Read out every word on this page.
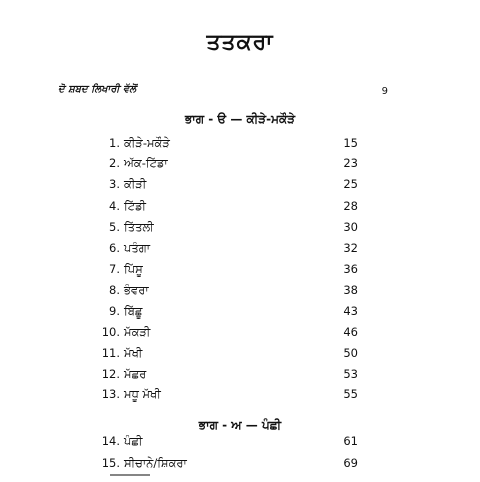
ਤਤਕਰਾ
ਦੋ ਸ਼ਬਦ ਲਿਖਾਰੀ ਵੱਲੋਂ	9
ਭਾਗ - ੳ — ਕੀੜੇ-ਮਕੌੜੇ
1. ਕੀੜੇ-ਮਕੌੜੇ	15
2. ਅੱਕ-ਟਿੱਡਾ	23
3. ਕੀੜੀ	25
4. ਟਿੱਡੀ	28
5. ਤਿੱਤਲੀ	30
6. ਪਤੰਗਾ	32
7. ਪਿੱਸੂ	36
8. ਭੰਵਰਾ	38
9. ਬਿੱਛੂ	43
10. ਮੱਕੜੀ	46
11. ਮੱਖੀ	50
12. ਮੱਛਰ	53
13. ਮਧੂ ਮੱਖੀ	55
ਭਾਗ - ਅ — ਪੰਛੀ
14. ਪੰਛੀ	61
15. ਸੀਚਾਨੇ/ਸ਼ਿਕਰਾ	69
